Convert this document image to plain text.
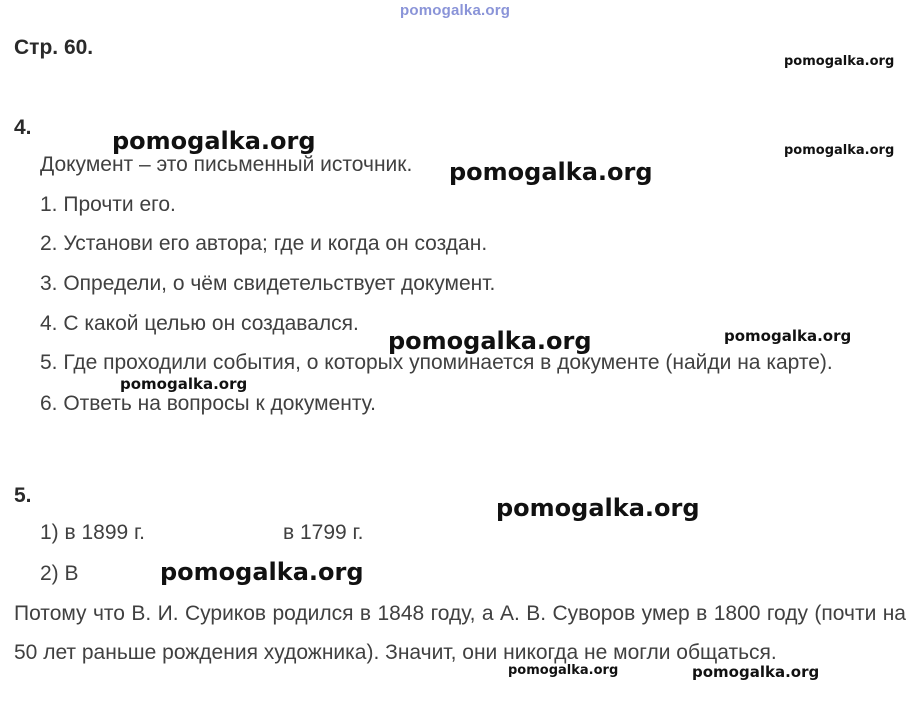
pomogalka.org
Стр. 60.
4.
Документ – это письменный источник.
1. Прочти его.
2. Установи его автора; где и когда он создан.
3. Определи, о чём свидетельствует документ.
4. С какой целью он создавался.
5. Где проходили события, о которых упоминается в документе (найди на карте).
6. Ответь на вопросы к документу.
5.
1) в 1899 г.	в 1799 г.
2) В
Потому что В. И. Суриков родился в 1848 году, а А. В. Суворов умер в 1800 году (почти на 50 лет раньше рождения художника). Значит, они никогда не могли общаться.
pomogalka.org
pomogalka.org	pomogalka.org
pomogalka.org
pomogalka.org
pomogalka.org
pomogalka.org
pomogalka.org
pomogalka.org
pomogalka.org	pomogalka.org
